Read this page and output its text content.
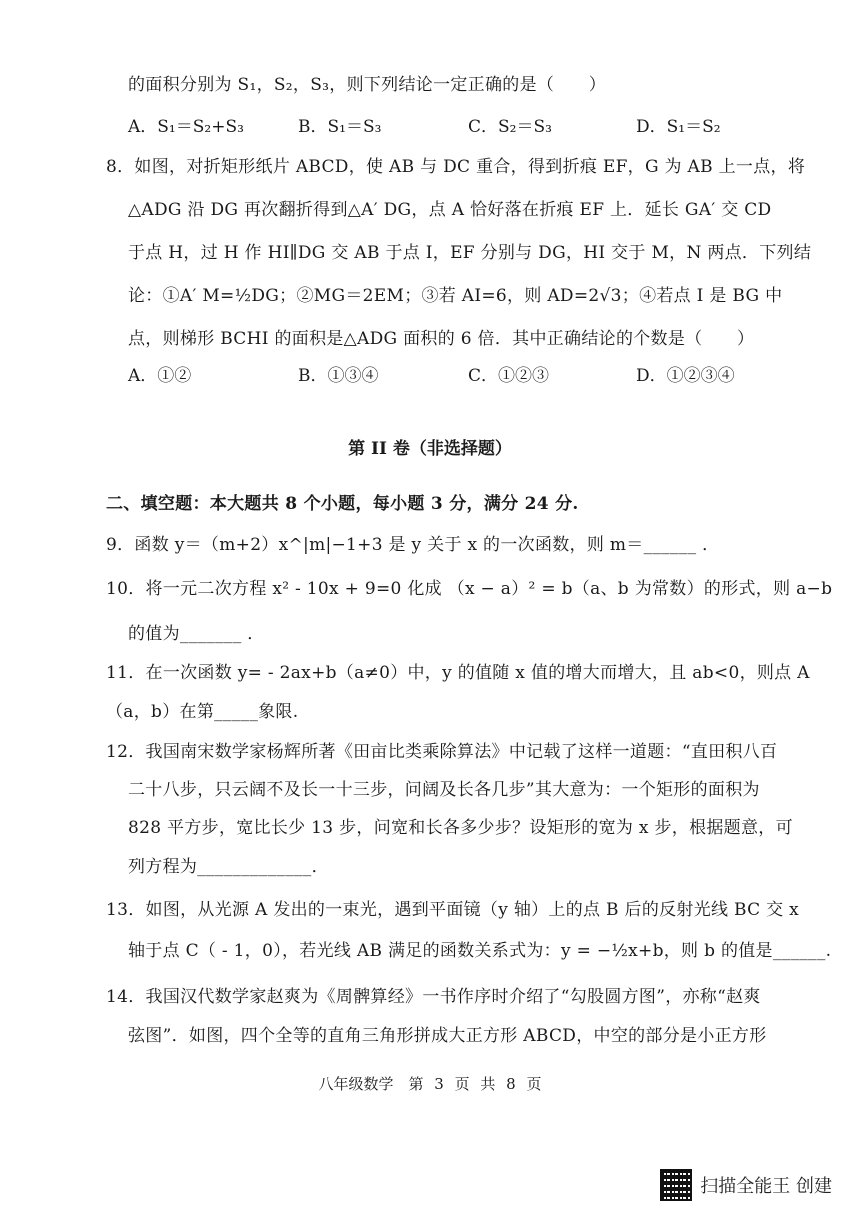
的面积分别为 S₁，S₂，S₃，则下列结论一定正确的是（　　）
A．S₁＝S₂+S₃	B．S₁＝S₃	C．S₂＝S₃	D．S₁＝S₂
8．如图，对折矩形纸片 ABCD，使 AB 与 DC 重合，得到折痕 EF，G 为 AB 上一点，将
△ADG 沿 DG 再次翻折得到△A′ DG，点 A 恰好落在折痕 EF 上．延长 GA′ 交 CD
于点 H，过 H 作 HI∥DG 交 AB 于点 I，EF 分别与 DG，HI 交于 M，N 两点．下列结
论：①A′ M=½DG；②MG＝2EM；③若 AI=6，则 AD=2√3；④若点 I 是 BG 中
点，则梯形 BCHI 的面积是△ADG 面积的 6 倍．其中正确结论的个数是（　　）
A．①②	B．①③④	C．①②③	D．①②③④
第 II 卷（非选择题）
二、填空题：本大题共 8 个小题，每小题 3 分，满分 24 分.
9．函数 y＝（m+2）x^|m|−1+3 是 y 关于 x 的一次函数，则 m＝______ ．
10．将一元二次方程 x² - 10x + 9=0 化成 （x − a）² = b（a、b 为常数）的形式，则 a−b
的值为_______ ．
11．在一次函数 y= - 2ax+b（a≠0）中，y 的值随 x 值的增大而增大，且 ab<0，则点 A
（a，b）在第_____象限.
12．我国南宋数学家杨辉所著《田亩比类乘除算法》中记载了这样一道题：“直田积八百
二十八步，只云阔不及长一十三步，问阔及长各几步”其大意为：一个矩形的面积为
828 平方步，宽比长少 13 步，问宽和长各多少步？设矩形的宽为 x 步，根据题意，可
列方程为_____________．
13．如图，从光源 A 发出的一束光，遇到平面镜（y 轴）上的点 B 后的反射光线 BC 交 x
轴于点 C（ - 1，0），若光线 AB 满足的函数关系式为：y = −½x+b，则 b 的值是______.
14．我国汉代数学家赵爽为《周髀算经》一书作序时介绍了“勾股圆方图”，亦称“赵爽
弦图”．如图，四个全等的直角三角形拼成大正方形 ABCD，中空的部分是小正方形
八年级数学　第 3 页 共 8 页
扫描全能王 创建
